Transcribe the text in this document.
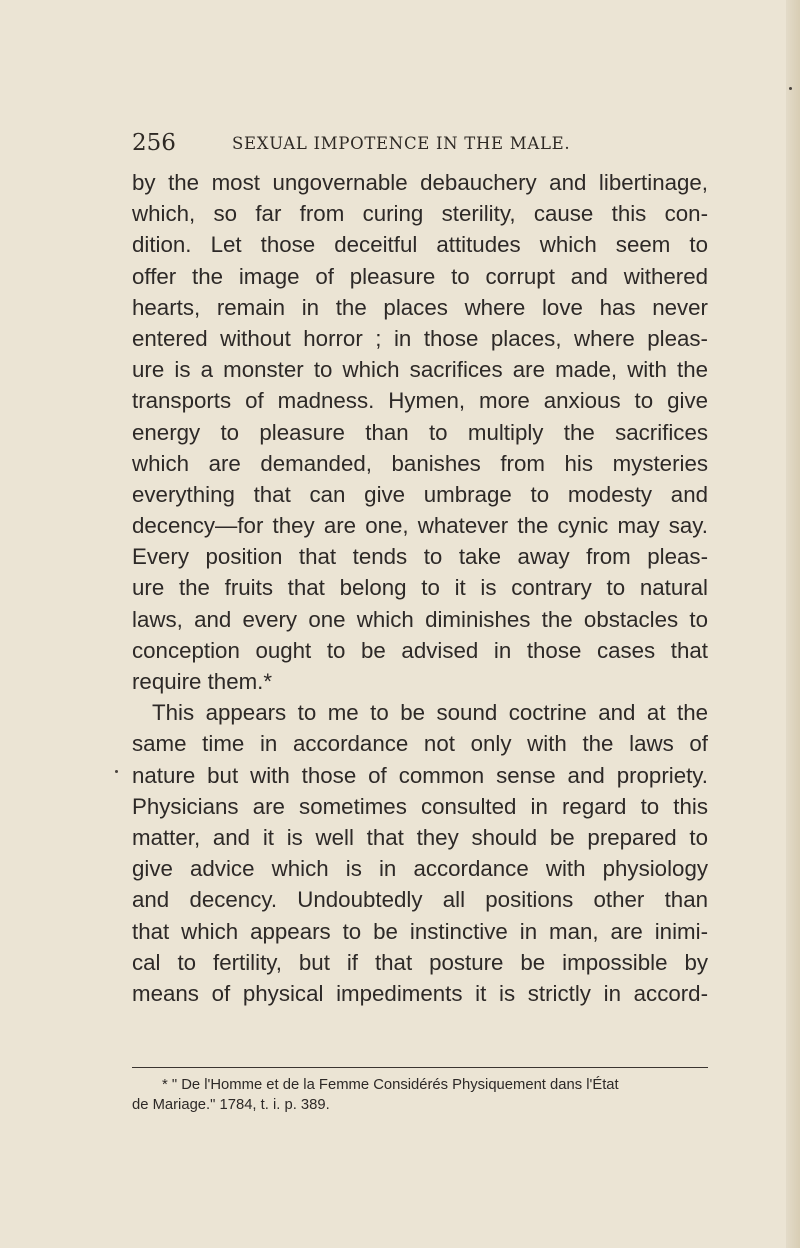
256	SEXUAL IMPOTENCE IN THE MALE.
by the most ungovernable debauchery and libertinage,
which, so far from curing sterility, cause this con-
dition. Let those deceitful attitudes which seem to
offer the image of pleasure to corrupt and withered
hearts, remain in the places where love has never
entered without horror ; in those places, where pleas-
ure is a monster to which sacrifices are made, with the
transports of madness. Hymen, more anxious to give
energy to pleasure than to multiply the sacrifices
which are demanded, banishes from his mysteries
everything that can give umbrage to modesty and
decency—for they are one, whatever the cynic may say.
Every position that tends to take away from pleas-
ure the fruits that belong to it is contrary to natural
laws, and every one which diminishes the obstacles to
conception ought to be advised in those cases that
require them.*
This appears to me to be sound coctrine and at the
same time in accordance not only with the laws of
nature but with those of common sense and propriety.
Physicians are sometimes consulted in regard to this
matter, and it is well that they should be prepared to
give advice which is in accordance with physiology
and decency. Undoubtedly all positions other than
that which appears to be instinctive in man, are inimi-
cal to fertility, but if that posture be impossible by
means of physical impediments it is strictly in accord-
* " De l'Homme et de la Femme Considérés Physiquement dans l'État
de Mariage." 1784, t. i. p. 389.
